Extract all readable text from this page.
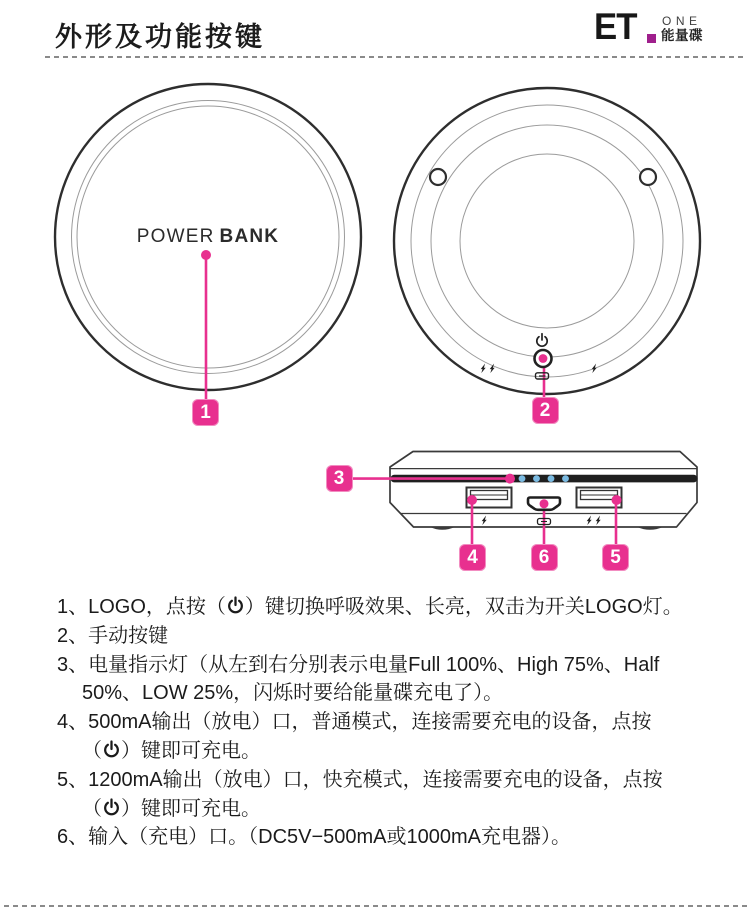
外形及功能按键	ET ONE
能量碟
POWER BANK
1	2
3
4	5
6
1、LOGO，点按（ ）键切换呼吸效果、长亮，双击为开关LOGO灯。
2、手动按键
3、电量指示灯（从左到右分别表示电量Full 100%、High 75%、Half
50%、LOW 25%，闪烁时要给能量碟充电了）。
4、500mA输出（放电）口，普通模式，连接需要充电的设备，点按
（ ）键即可充电。
5、1200mA输出（放电）口，快充模式，连接需要充电的设备，点按
（ ）键即可充电。
6、输入（充电）口。（DC5V−500mA或1000mA充电器）。
